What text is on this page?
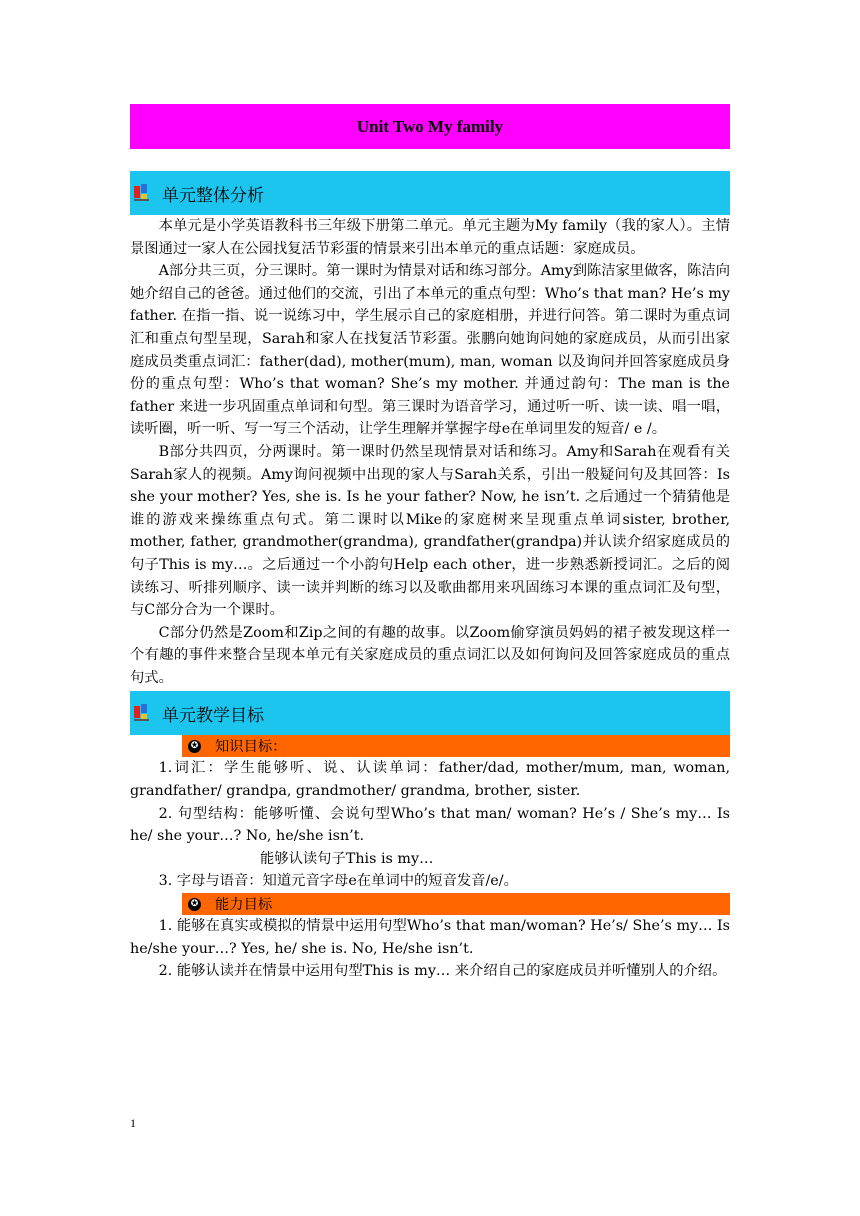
Unit Two My family
单元整体分析

本单元是小学英语教科书三年级下册第二单元。单元主题为My family（我的家人）。主情景图通过一家人在公园找复活节彩蛋的情景来引出本单元的重点话题：家庭成员。

A部分共三页，分三课时。第一课时为情景对话和练习部分。Amy到陈洁家里做客，陈洁向她介绍自己的爸爸。通过他们的交流，引出了本单元的重点句型：Who’s that man? He’s my father. 在指一指、说一说练习中，学生展示自己的家庭相册，并进行问答。第二课时为重点词汇和重点句型呈现，Sarah和家人在找复活节彩蛋。张鹏向她询问她的家庭成员，从而引出家庭成员类重点词汇：father(dad), mother(mum), man, woman 以及询问并回答家庭成员身份的重点句型：Who’s that woman? She’s my mother. 并通过韵句：The man is the father 来进一步巩固重点单词和句型。第三课时为语音学习，通过听一听、读一读、唱一唱，读听圈，听一听、写一写三个活动，让学生理解并掌握字母e在单词里发的短音/ e /。

B部分共四页，分两课时。第一课时仍然呈现情景对话和练习。Amy和Sarah在观看有关Sarah家人的视频。Amy询问视频中出现的家人与Sarah关系，引出一般疑问句及其回答：Is she your mother? Yes, she is. Is he your father? Now, he isn’t. 之后通过一个猜猜他是谁的游戏来操练重点句式。第二课时以Mike的家庭树来呈现重点单词sister, brother, mother, father, grandmother(grandma), grandfather(grandpa)并认读介绍家庭成员的句子This is my…。之后通过一个小韵句Help each other，进一步熟悉新授词汇。之后的阅读练习、听排列顺序、读一读并判断的练习以及歌曲都用来巩固练习本课的重点词汇及句型，与C部分合为一个课时。

C部分仍然是Zoom和Zip之间的有趣的故事。以Zoom偷穿演员妈妈的裙子被发现这样一个有趣的事件来整合呈现本单元有关家庭成员的重点词汇以及如何询问及回答家庭成员的重点句式。

单元教学目标
✪ 知识目标：

1.词汇：学生能够听、说、认读单词：father/dad, mother/mum, man, woman, grandfather/ grandpa, grandmother/ grandma, brother, sister.

2. 句型结构：能够听懂、会说句型Who’s that man/ woman? He’s / She’s my… Is he/ she your…? No, he/she isn’t.

能够认读句子This is my…

3. 字母与语音：知道元音字母e在单词中的短音发音/e/。

✪ 能力目标

1. 能够在真实或模拟的情景中运用句型Who’s that man/woman? He’s/ She’s my… Is he/she your…? Yes, he/ she is. No, He/she isn’t.

2. 能够认读并在情景中运用句型This is my… 来介绍自己的家庭成员并听懂别人的介绍。

1
